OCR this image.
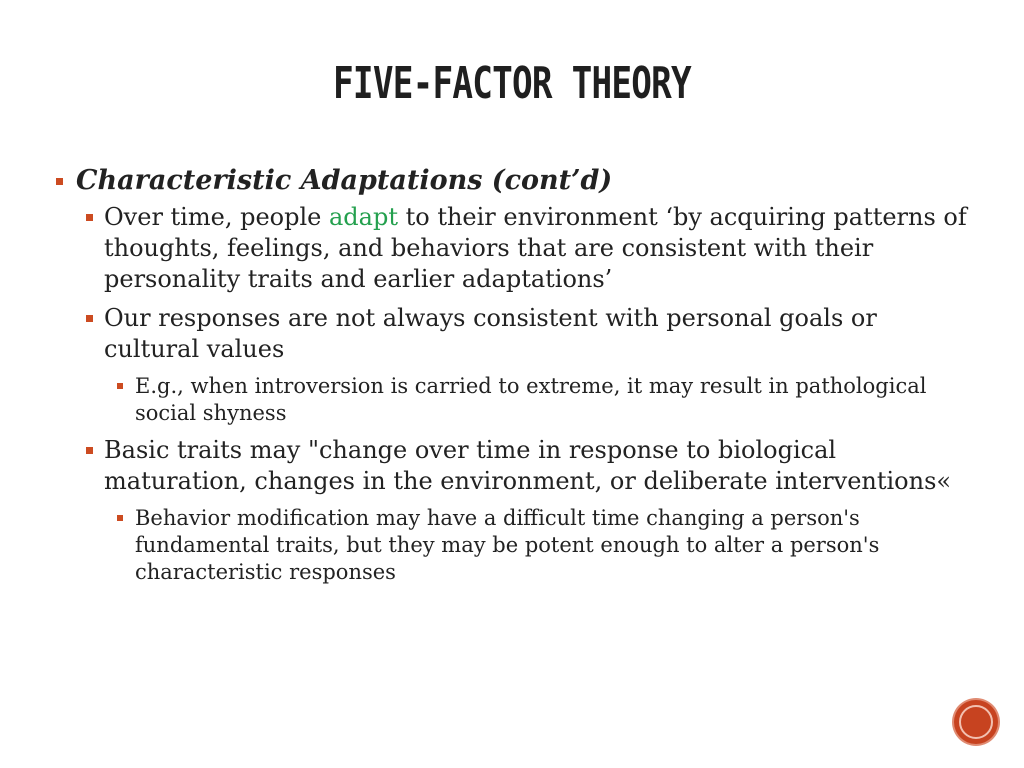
FIVE-FACTOR THEORY
Characteristic Adaptations (cont’d)
Over time, people adapt to their environment ‘by acquiring patterns of thoughts, feelings, and behaviors that are consistent with their personality traits and earlier adaptations’
Our responses are not always consistent with personal goals or cultural values
E.g., when introversion is carried to extreme, it may result in pathological social shyness
Basic traits may "change over time in response to biological maturation, changes in the environment, or deliberate interventions«
Behavior modification may have a difficult time changing a person's fundamental traits, but they may be potent enough to alter a person's characteristic responses
